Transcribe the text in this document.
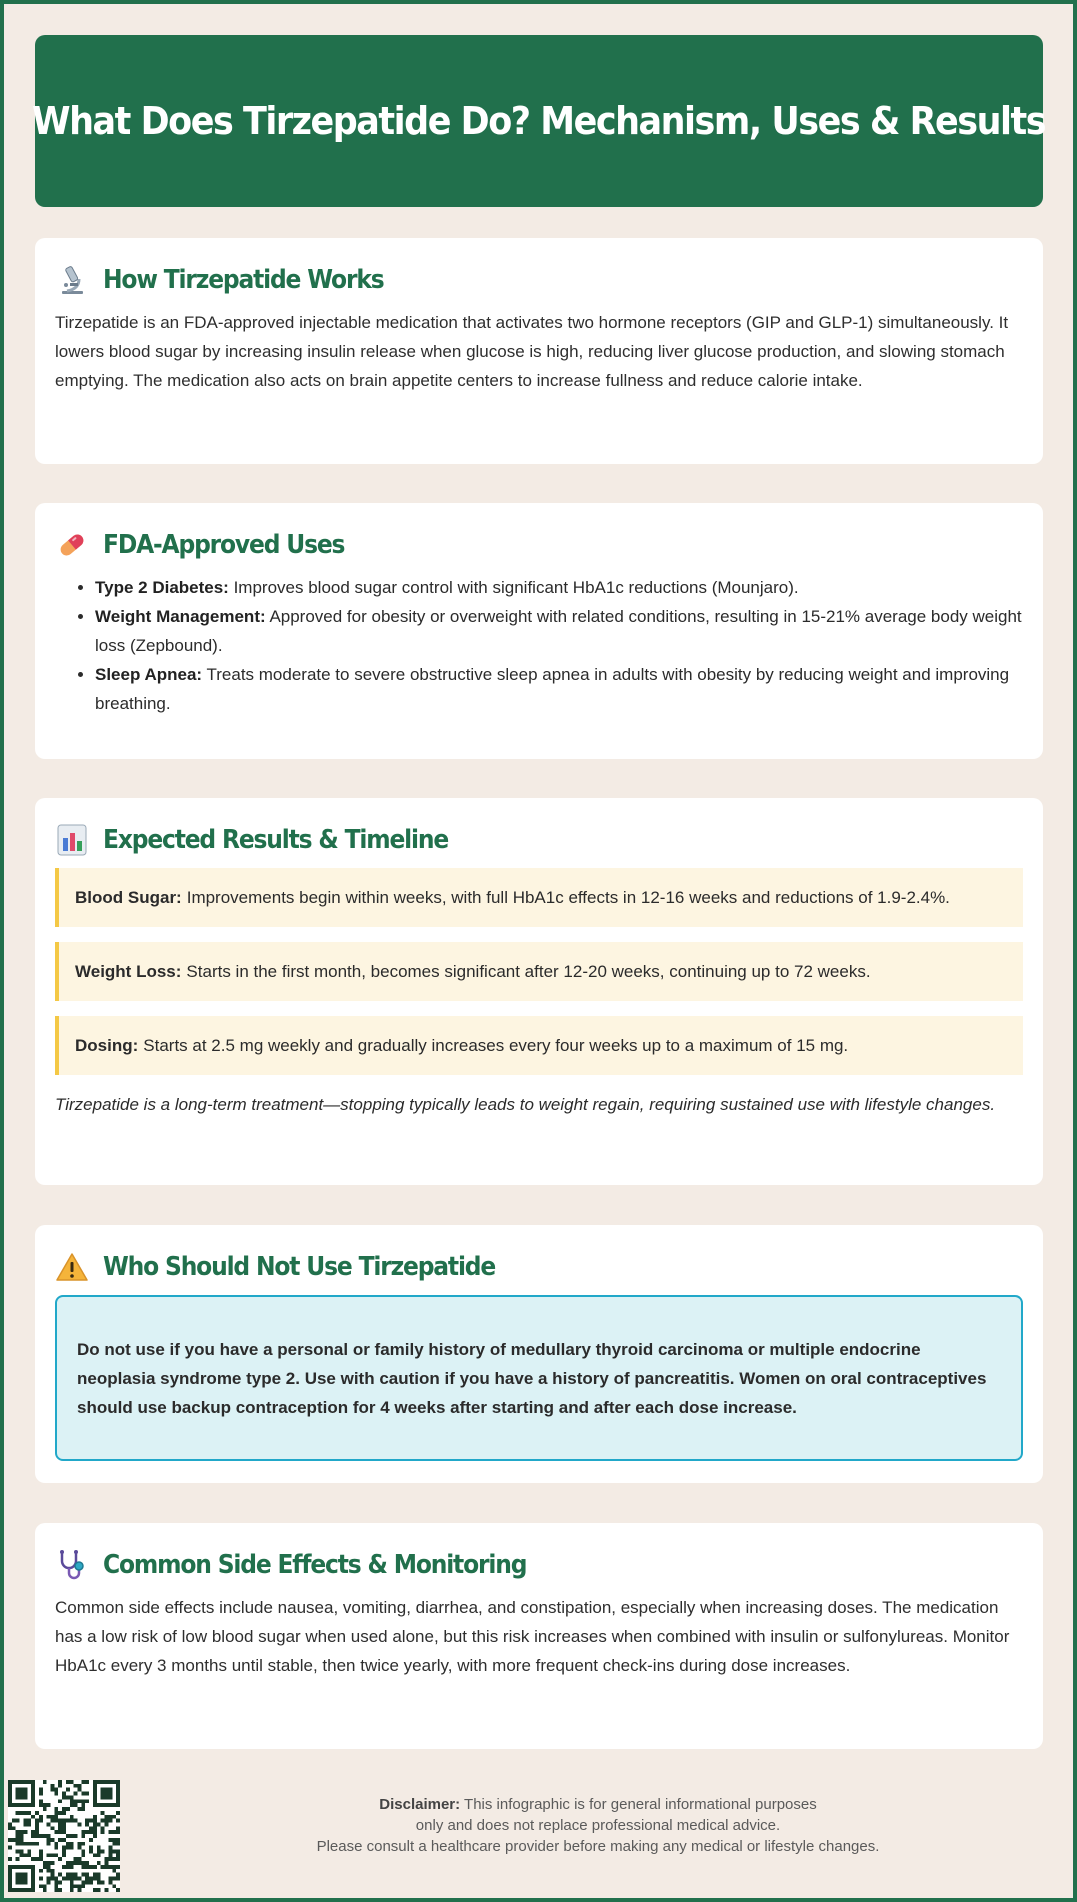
What Does Tirzepatide Do? Mechanism, Uses & Results
How Tirzepatide Works

Tirzepatide is an FDA-approved injectable medication that activates two hormone receptors (GIP and GLP-1) simultaneously. It lowers blood sugar by increasing insulin release when glucose is high, reducing liver glucose production, and slowing stomach emptying. The medication also acts on brain appetite centers to increase fullness and reduce calorie intake.

FDA-Approved Uses
• Type 2 Diabetes: Improves blood sugar control with significant HbA1c reductions (Mounjaro).
• Weight Management: Approved for obesity or overweight with related conditions, resulting in 15-21% average body weight loss (Zepbound).
• Sleep Apnea: Treats moderate to severe obstructive sleep apnea in adults with obesity by reducing weight and improving breathing.
Expected Results & Timeline
Blood Sugar: Improvements begin within weeks, with full HbA1c effects in 12-16 weeks and reductions of 1.9-2.4%.
Weight Loss: Starts in the first month, becomes significant after 12-20 weeks, continuing up to 72 weeks.
Dosing: Starts at 2.5 mg weekly and gradually increases every four weeks up to a maximum of 15 mg.

Tirzepatide is a long-term treatment—stopping typically leads to weight regain, requiring sustained use with lifestyle changes.

Who Should Not Use Tirzepatide

Do not use if you have a personal or family history of medullary thyroid carcinoma or multiple endocrine neoplasia syndrome type 2. Use with caution if you have a history of pancreatitis. Women on oral contraceptives should use backup contraception for 4 weeks after starting and after each dose increase.

Common Side Effects & Monitoring

Common side effects include nausea, vomiting, diarrhea, and constipation, especially when increasing doses. The medication has a low risk of low blood sugar when used alone, but this risk increases when combined with insulin or sulfonylureas. Monitor HbA1c every 3 months until stable, then twice yearly, with more frequent check-ins during dose increases.

Disclaimer: This infographic is for general informational purposes
only and does not replace professional medical advice.
Please consult a healthcare provider before making any medical or lifestyle changes.
